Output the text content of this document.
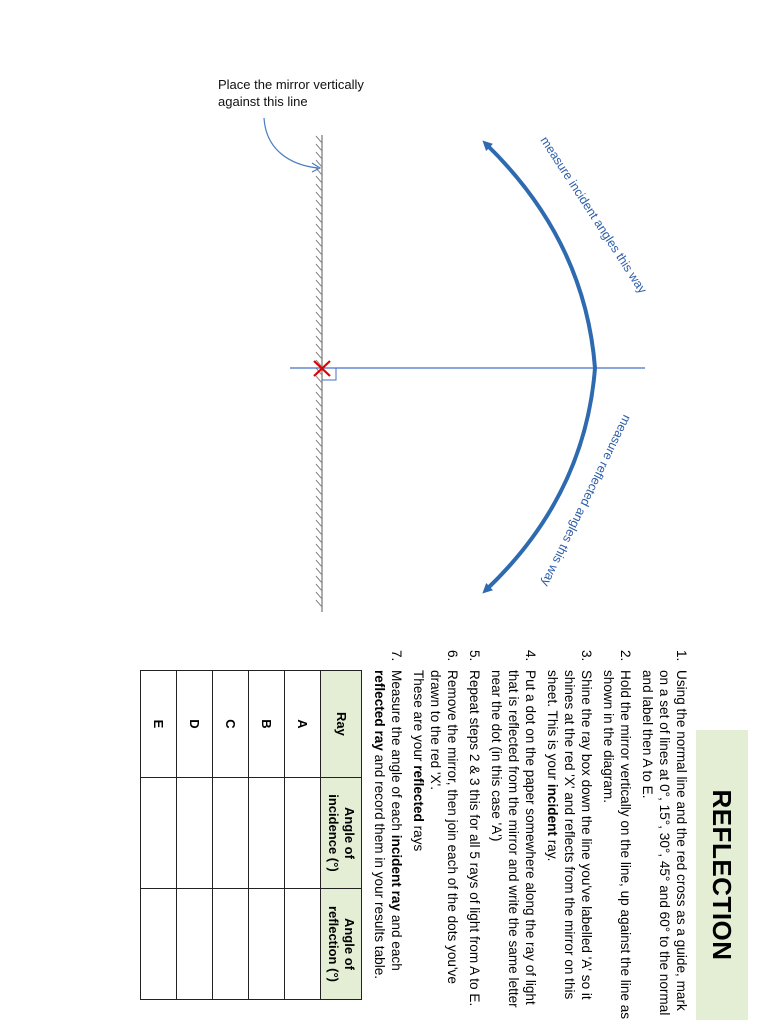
measure incident angles this way
measure reflected angles this way
Place the mirror vertically
against this line
REFLECTION
1.
Using the normal line and the red cross as a guide, mark on a set of lines at 0°, 15°, 30°, 45° and 60° to the normal and label then A to E.
2.
Hold the mirror vertically on the line, up against the line as shown in the diagram.
3.
Shine the ray box down the line you've labelled 'A' so it shines at the red 'X' and reflects from the mirror on this sheet. This is your incident ray.
4.
Put a dot on the paper somewhere along the ray of light that is reflected from the mirror and write the same letter near the dot (in this case 'A')
5.
Repeat steps 2 & 3 this for all 5 rays of light from A to E.
6.
Remove the mirror, then join each of the dots you've drawn to the red 'X'.
These are your reflected rays
7.
Measure the angle of each incident ray and each reflected ray and record them in your results table.
Ray	Angle of incidence (°)	Angle of reflection (°)
A		
B		
C		
D		
E		
